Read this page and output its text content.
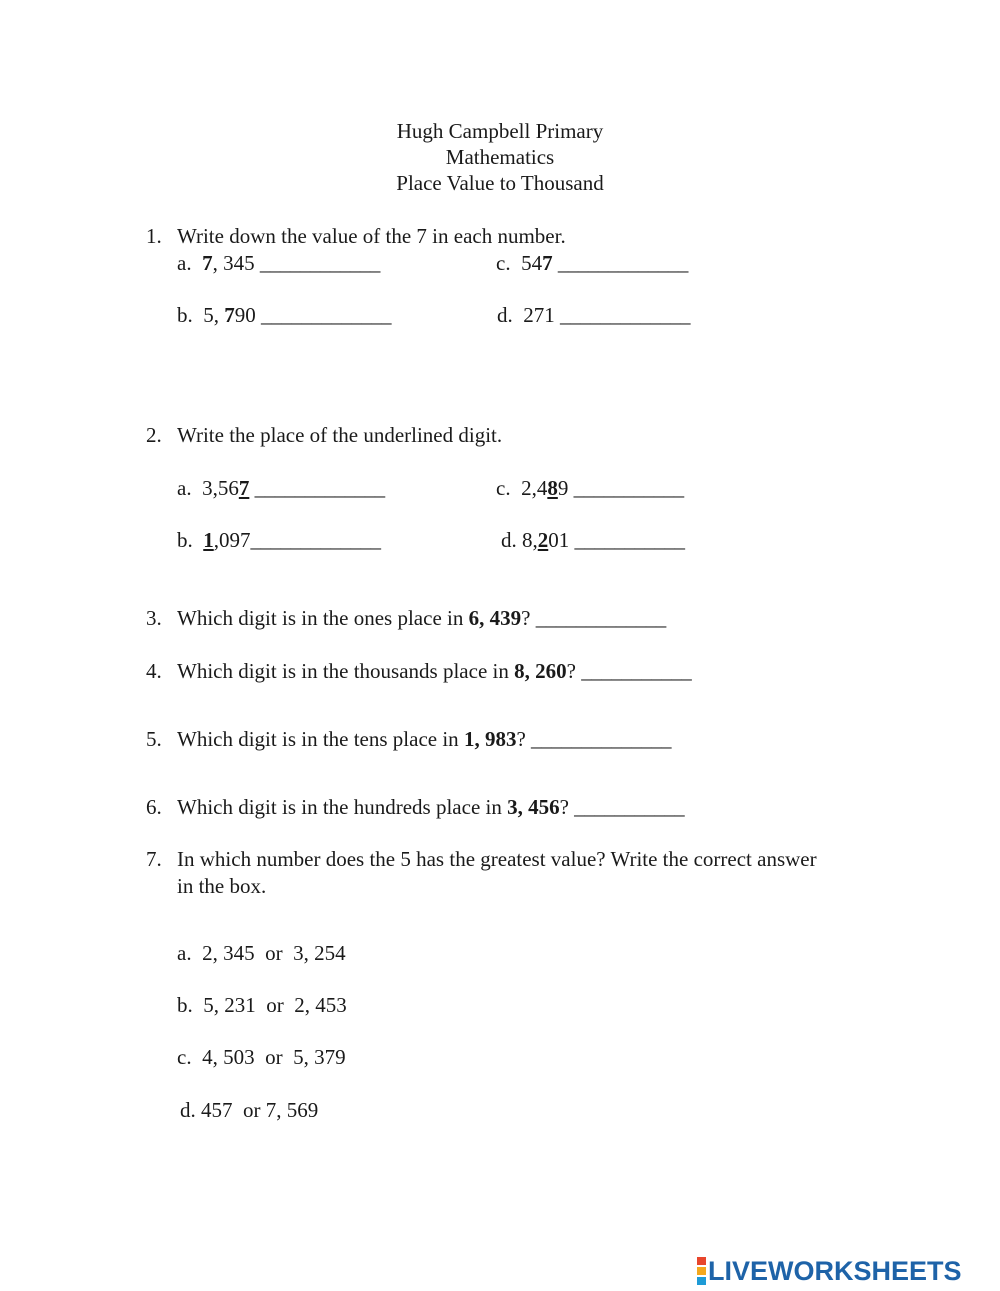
Hugh Campbell Primary
Mathematics
Place Value to Thousand
1. Write down the value of the 7 in each number.
a. 7, 345 ____________	c. 547 _____________
b. 5, 790 _____________	d. 271 _____________
2. Write the place of the underlined digit.
a. 3,567 _____________	c. 2,489 ___________
b. 1,097_____________	d. 8,201 ___________
3. Which digit is in the ones place in 6, 439? _____________
4. Which digit is in the thousands place in 8, 260? ___________
5. Which digit is in the tens place in 1, 983? ______________
6. Which digit is in the hundreds place in 3, 456? ___________
7. In which number does the 5 has the greatest value? Write the correct answer
in the box.
a. 2, 345  or  3, 254
b. 5, 231  or  2, 453
c. 4, 503  or  5, 379
d. 457  or 7, 569
LIVEWORKSHEETS
